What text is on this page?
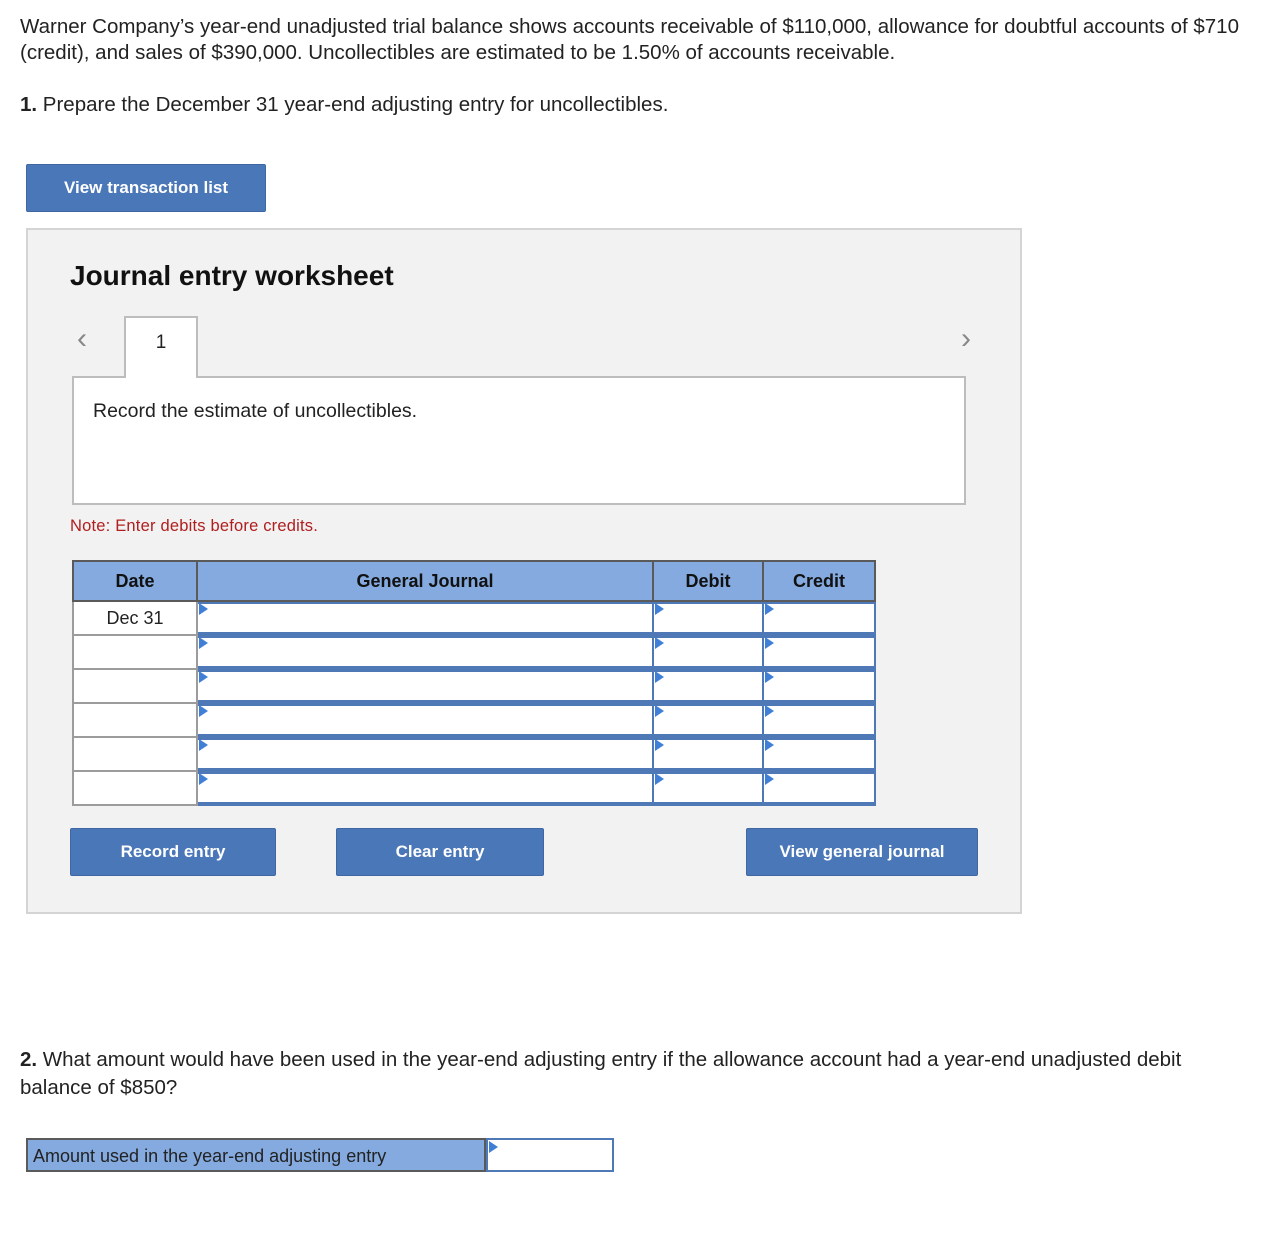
Warner Company’s year-end unadjusted trial balance shows accounts receivable of $110,000, allowance for doubtful accounts of $710 (credit), and sales of $390,000. Uncollectibles are estimated to be 1.50% of accounts receivable.

1. Prepare the December 31 year-end adjusting entry for uncollectibles.

View transaction list
Journal entry worksheet
‹	›
1
Record the estimate of uncollectibles.
Note: Enter debits before credits.
Date	General Journal	Debit	Credit
Dec 31	

Record entry	Clear entry	View general journal

2. What amount would have been used in the year-end adjusting entry if the allowance account had a year-end unadjusted debit balance of $850?

Amount used in the year-end adjusting entry
